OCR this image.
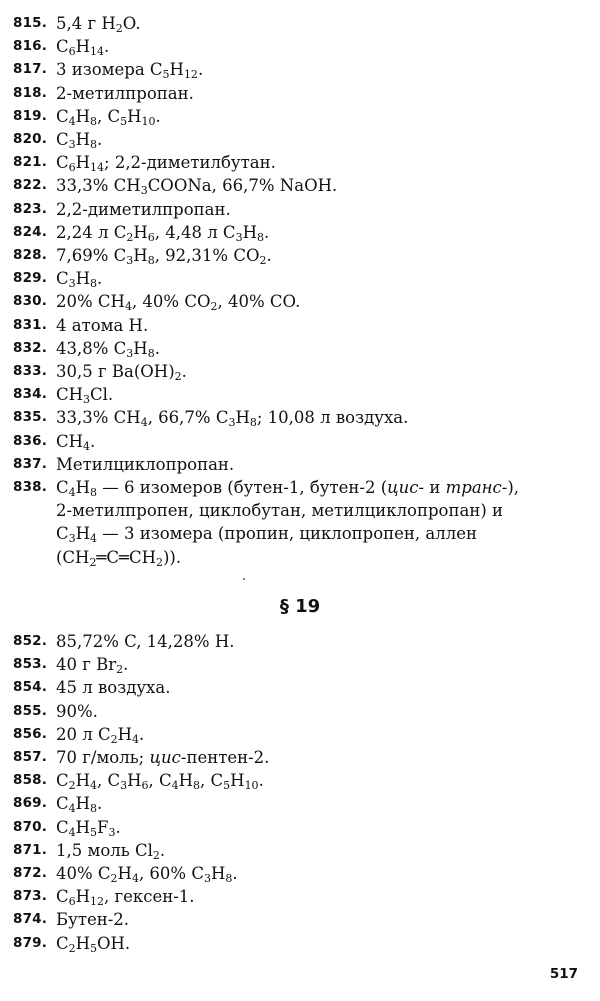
815. 5,4 г $H_2O$.
816. $C_6H_{14}$.
817. 3 изомера $C_5H_{12}$.
818. 2-метилпропан.
819. $C_4H_8$, $C_5H_{10}$.
820. $C_3H_8$.
821. $C_6H_{14}$; 2,2-диметилбутан.
822. 33,3% $CH_3COONa$, 66,7% NaOH.
823. 2,2-диметилпропан.
824. 2,24 л $C_2H_6$, 4,48 л $C_3H_8$.
828. 7,69% $C_3H_8$, 92,31% $CO_2$.
829. $C_3H_8$.
830. 20% $CH_4$, 40% $CO_2$, 40% CO.
831. 4 атома H.
832. 43,8% $C_3H_8$.
833. 30,5 г $Ba(OH)_2$.
834. $CH_3Cl$.
835. 33,3% $CH_4$, 66,7% $C_3H_8$; 10,08 л воздуха.
836. $CH_4$.
837. Метилциклопропан.
838. $C_4H_8$ — 6 изомеров (бутен-1, бутен-2 (цис- и транс-),
2-метилпропен, циклобутан, метилциклопропан) и
$C_3H_4$ — 3 изомера (пропин, циклопропен, аллен
$(CH_2═C═CH_2)$).
§ 19
852. 85,72% C, 14,28% H.
853. 40 г $Br_2$.
854. 45 л воздуха.
855. 90%.
856. 20 л $C_2H_4$.
857. 70 г/моль; цис-пентен-2.
858. $C_2H_4$, $C_3H_6$, $C_4H_8$, $C_5H_{10}$.
869. $C_4H_8$.
870. $C_4H_5F_3$.
871. 1,5 моль $Cl_2$.
872. 40% $C_2H_4$, 60% $C_3H_8$.
873. $C_6H_{12}$, гексен-1.
874. Бутен-2.
879. $C_2H_5OH$.
517
